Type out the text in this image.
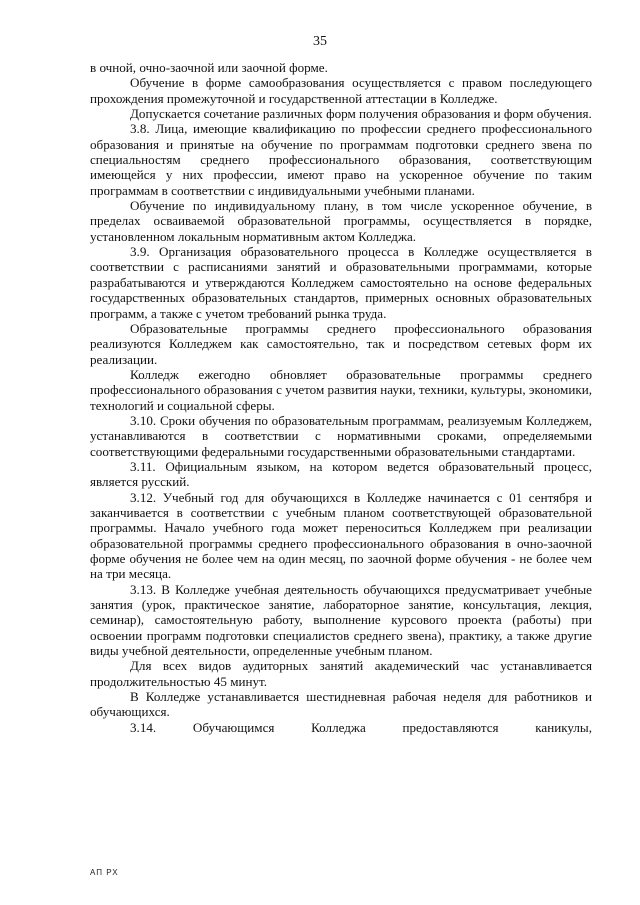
35

в очной, очно-заочной или заочной форме.

Обучение в форме самообразования осуществляется с правом последующего прохождения промежуточной и государственной аттестации в Колледже.

Допускается сочетание различных форм получения образования и форм обучения.

3.8. Лица, имеющие квалификацию по профессии среднего профессионального образования и принятые на обучение по программам подготовки среднего звена по специальностям среднего профессионального образования, соответствующим имеющейся у них профессии, имеют право на ускоренное обучение по таким программам в соответствии с индивидуальными учебными планами.

Обучение по индивидуальному плану, в том числе ускоренное обучение, в пределах осваиваемой образовательной программы, осуществляется в порядке, установленном локальным нормативным актом Колледжа.

3.9. Организация образовательного процесса в Колледже осуществляется в соответствии с расписаниями занятий и образовательными программами, которые разрабатываются и утверждаются Колледжем самостоятельно на основе федеральных государственных образовательных стандартов, примерных основных образовательных программ, а также с учетом требований рынка труда.

Образовательные программы среднего профессионального образования реализуются Колледжем как самостоятельно, так и посредством сетевых форм их реализации.

Колледж ежегодно обновляет образовательные программы среднего профессионального образования с учетом развития науки, техники, культуры, экономики, технологий и социальной сферы.

3.10. Сроки обучения по образовательным программам, реализуемым Колледжем, устанавливаются в соответствии с нормативными сроками, определяемыми соответствующими федеральными государственными образовательными стандартами.

3.11. Официальным языком, на котором ведется образовательный процесс, является русский.

3.12. Учебный год для обучающихся в Колледже начинается с 01 сентября и заканчивается в соответствии с учебным планом соответствующей образовательной программы. Начало учебного года может переноситься Колледжем при реализации образовательной программы среднего профессионального образования в очно-заочной форме обучения не более чем на один месяц, по заочной форме обучения - не более чем на три месяца.

3.13. В Колледже учебная деятельность обучающихся предусматривает учебные занятия (урок, практическое занятие, лабораторное занятие, консультация, лекция, семинар), самостоятельную работу, выполнение курсового проекта (работы) при освоении программ подготовки специалистов среднего звена), практику, а также другие виды учебной деятельности, определенные учебным планом.

Для всех видов аудиторных занятий академический час устанавливается продолжительностью 45 минут.

В Колледже устанавливается шестидневная рабочая неделя для работников и обучающихся.

3.14. Обучающимся Колледжа предоставляются каникулы,

АП РХ
